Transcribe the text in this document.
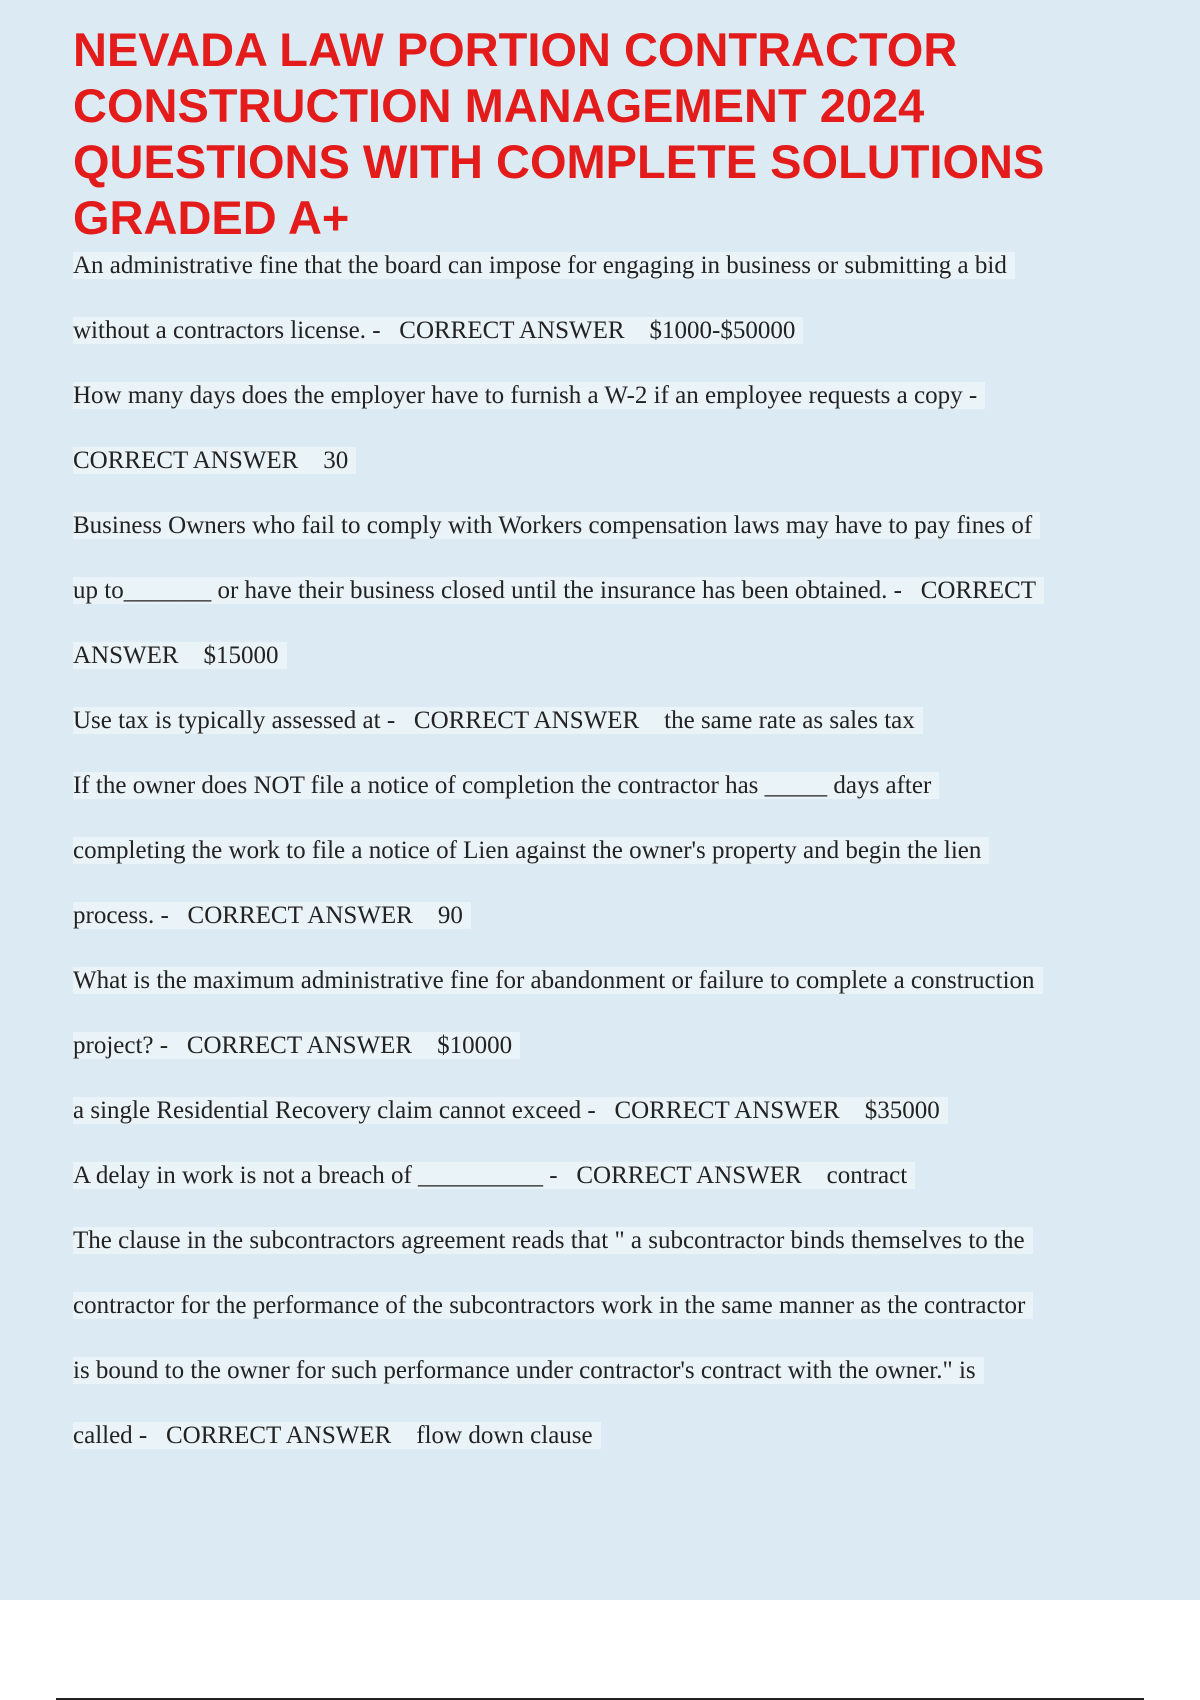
NEVADA LAW PORTION CONTRACTOR
CONSTRUCTION MANAGEMENT 2024
QUESTIONS WITH COMPLETE SOLUTIONS
GRADED A+
An administrative fine that the board can impose for engaging in business or submitting a bid
without a contractors license. -   CORRECT ANSWER    $1000-$50000
How many days does the employer have to furnish a W-2 if an employee requests a copy -
CORRECT ANSWER    30
Business Owners who fail to comply with Workers compensation laws may have to pay fines of
up to_______ or have their business closed until the insurance has been obtained. -   CORRECT
ANSWER    $15000
Use tax is typically assessed at -   CORRECT ANSWER    the same rate as sales tax
If the owner does NOT file a notice of completion the contractor has _____ days after
completing the work to file a notice of Lien against the owner's property and begin the lien
process. -   CORRECT ANSWER    90
What is the maximum administrative fine for abandonment or failure to complete a construction
project? -   CORRECT ANSWER    $10000
a single Residential Recovery claim cannot exceed -   CORRECT ANSWER    $35000
A delay in work is not a breach of __________ -   CORRECT ANSWER    contract
The clause in the subcontractors agreement reads that " a subcontractor binds themselves to the
contractor for the performance of the subcontractors work in the same manner as the contractor
is bound to the owner for such performance under contractor's contract with the owner." is
called -   CORRECT ANSWER    flow down clause
